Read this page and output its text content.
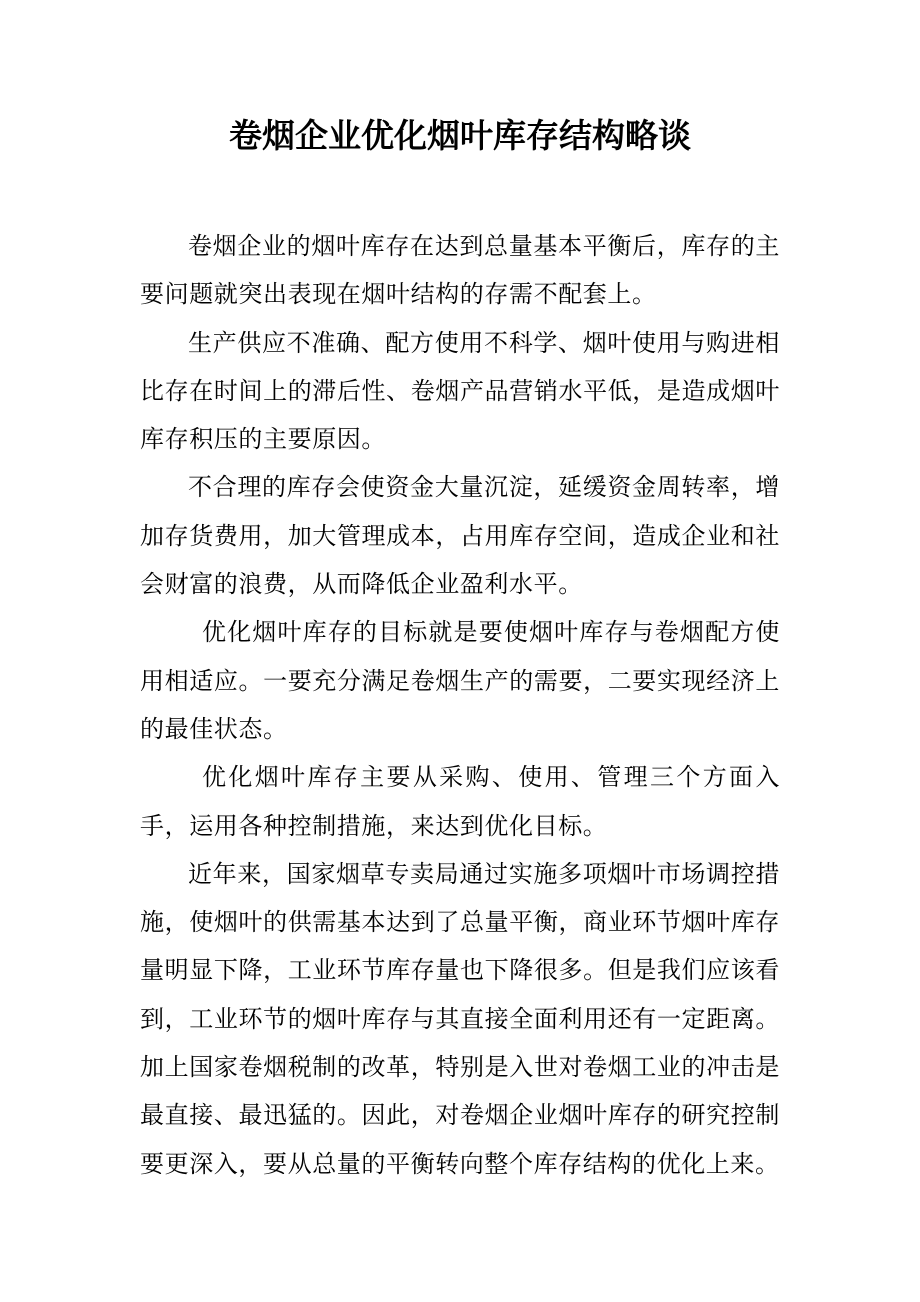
卷烟企业优化烟叶库存结构略谈

卷烟企业的烟叶库存在达到总量基本平衡后，库存的主要问题就突出表现在烟叶结构的存需不配套上。

生产供应不准确、配方使用不科学、烟叶使用与购进相比存在时间上的滞后性、卷烟产品营销水平低，是造成烟叶库存积压的主要原因。

不合理的库存会使资金大量沉淀，延缓资金周转率，增加存货费用，加大管理成本，占用库存空间，造成企业和社会财富的浪费，从而降低企业盈利水平。

优化烟叶库存的目标就是要使烟叶库存与卷烟配方使用相适应。一要充分满足卷烟生产的需要，二要实现经济上的最佳状态。

优化烟叶库存主要从采购、使用、管理三个方面入手，运用各种控制措施，来达到优化目标。

近年来，国家烟草专卖局通过实施多项烟叶市场调控措施，使烟叶的供需基本达到了总量平衡，商业环节烟叶库存量明显下降，工业环节库存量也下降很多。但是我们应该看到，工业环节的烟叶库存与其直接全面利用还有一定距离。加上国家卷烟税制的改革，特别是入世对卷烟工业的冲击是最直接、最迅猛的。因此，对卷烟企业烟叶库存的研究控制要更深入，要从总量的平衡转向整个库存结构的优化上来。
